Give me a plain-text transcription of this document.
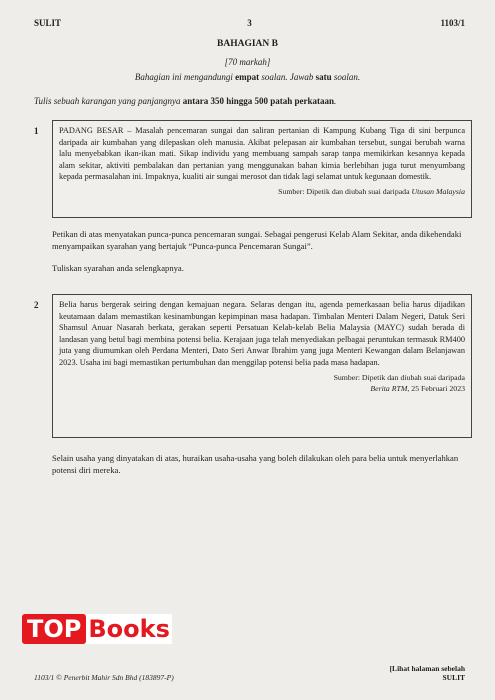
SULIT	3	1103/1
BAHAGIAN B
[70 markah]
Bahagian ini mengandungi empat soalan. Jawab satu soalan.
Tulis sebuah karangan yang panjangnya antara 350 hingga 500 patah perkataan.
1 PADANG BESAR – Masalah pencemaran sungai dan saliran pertanian di Kampung Kubang Tiga di sini berpunca daripada air kumbahan yang dilepaskan oleh manusia. Akibat pelepasan air kumbahan tersebut, sungai berubah warna lalu menyebabkan ikan-ikan mati. Sikap individu yang membuang sampah sarap tanpa memikirkan kesannya kepada alam sekitar, aktiviti pembalakan dan pertanian yang menggunakan bahan kimia berlebihan juga turut menyumbang kepada permasalahan ini. Impaknya, kualiti air sungai merosot dan tidak lagi selamat untuk kegunaan domestik.
Sumber: Dipetik dan diubah suai daripada Utusan Malaysia
Petikan di atas menyatakan punca-punca pencemaran sungai. Sebagai pengerusi Kelab Alam Sekitar, anda dikehendaki menyampaikan syarahan yang bertajuk “Punca-punca Pencemaran Sungai”.
Tuliskan syarahan anda selengkapnya.
2 Belia harus bergerak seiring dengan kemajuan negara. Selaras dengan itu, agenda pemerkasaan belia harus dijadikan keutamaan dalam memastikan kesinambungan kepimpinan masa hadapan. Timbalan Menteri Dalam Negeri, Datuk Seri Shamsul Anuar Nasarah berkata, gerakan seperti Persatuan Kelab-kelab Belia Malaysia (MAYC) sudah berada di landasan yang betul bagi membina potensi belia. Kerajaan juga telah menyediakan pelbagai peruntukan termasuk RM400 juta yang diumumkan oleh Perdana Menteri, Dato Seri Anwar Ibrahim yang juga Menteri Kewangan dalam Belanjawan 2023. Usaha ini bagi memastikan pertumbuhan dan menggilap potensi belia pada masa hadapan.
Sumber: Dipetik dan diubah suai daripada
Berita RTM, 25 Februari 2023
Selain usaha yang dinyatakan di atas, huraikan usaha-usaha yang boleh dilakukan oleh para belia untuk menyerlahkan potensi diri mereka.
TOP Books
1103/1 © Penerbit Mahir Sdn Bhd (183897-P)
[Lihat halaman sebelah
SULIT
